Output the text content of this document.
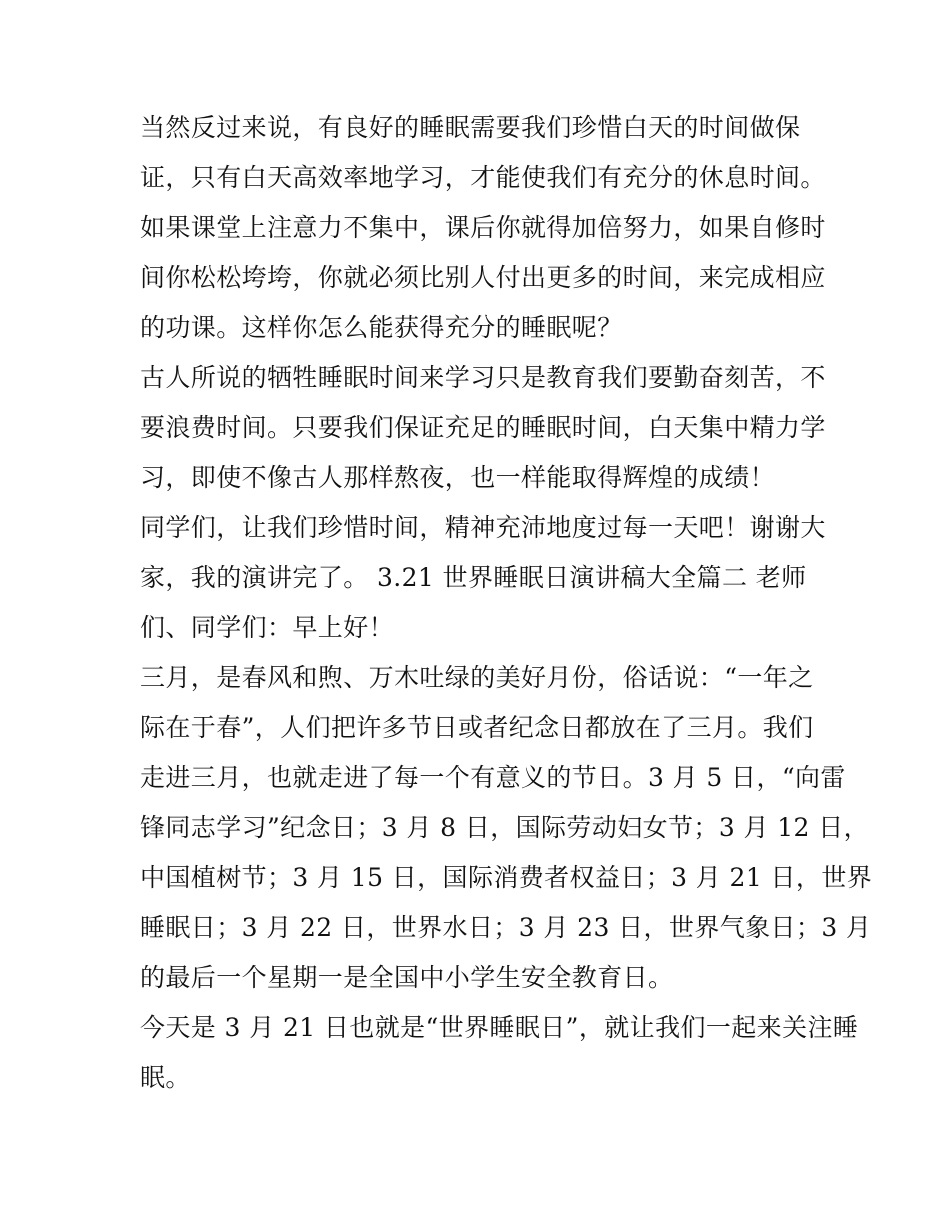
当然反过来说，有良好的睡眠需要我们珍惜白天的时间做保
证，只有白天高效率地学习，才能使我们有充分的休息时间。
如果课堂上注意力不集中，课后你就得加倍努力，如果自修时
间你松松垮垮，你就必须比别人付出更多的时间，来完成相应
的功课。这样你怎么能获得充分的睡眠呢？
古人所说的牺牲睡眠时间来学习只是教育我们要勤奋刻苦，不
要浪费时间。只要我们保证充足的睡眠时间，白天集中精力学
习，即使不像古人那样熬夜，也一样能取得辉煌的成绩！
同学们，让我们珍惜时间，精神充沛地度过每一天吧！谢谢大
家，我的演讲完了。 3.21 世界睡眠日演讲稿大全篇二 老师
们、同学们：早上好！
三月，是春风和煦、万木吐绿的美好月份，俗话说：“一年之
际在于春”，人们把许多节日或者纪念日都放在了三月。我们
走进三月，也就走进了每一个有意义的节日。3 月 5 日，“向雷
锋同志学习”纪念日；3 月 8 日，国际劳动妇女节；3 月 12 日，
中国植树节；3 月 15 日，国际消费者权益日；3 月 21 日，世界
睡眠日；3 月 22 日，世界水日；3 月 23 日，世界气象日；3 月
的最后一个星期一是全国中小学生安全教育日。
今天是 3 月 21 日也就是“世界睡眠日”，就让我们一起来关注睡
眠。
